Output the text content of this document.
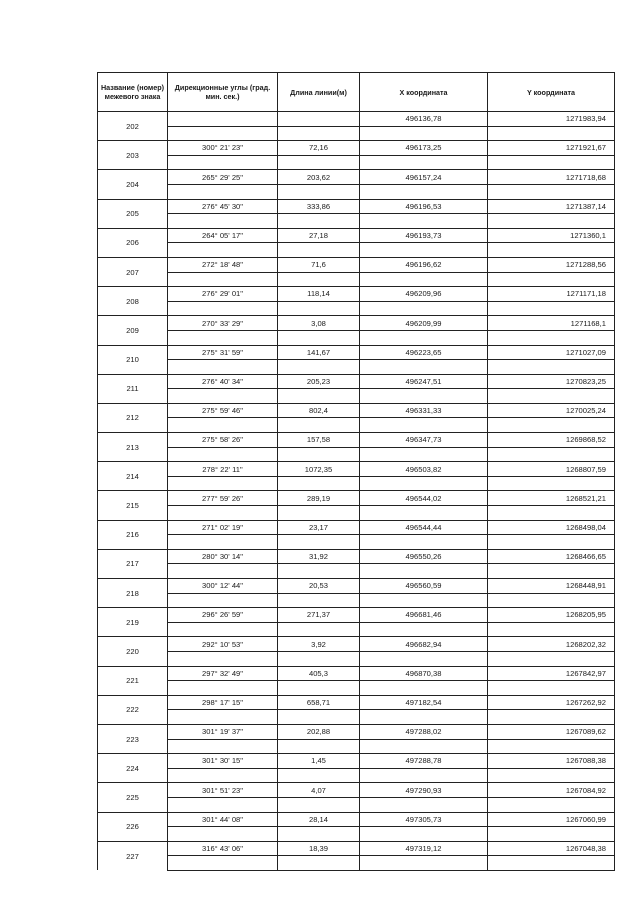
Название (номер) межевого знака	Дирекционные углы (град. мин. сек.)	Длина линии(м)	X координата	Y координата
202			496136,78	1271983,94

203	300° 21' 23"	72,16	496173,25	1271921,67

204	265° 29' 25"	203,62	496157,24	1271718,68

205	276° 45' 30"	333,86	496196,53	1271387,14

206	264° 05' 17"	27,18	496193,73	1271360,1

207	272° 18' 48"	71,6	496196,62	1271288,56

208	276° 29' 01"	118,14	496209,96	1271171,18

209	270° 33' 29"	3,08	496209,99	1271168,1

210	275° 31' 59"	141,67	496223,65	1271027,09

211	276° 40' 34"	205,23	496247,51	1270823,25

212	275° 59' 46"	802,4	496331,33	1270025,24

213	275° 58' 26"	157,58	496347,73	1269868,52

214	278° 22' 11"	1072,35	496503,82	1268807,59

215	277° 59' 26"	289,19	496544,02	1268521,21

216	271° 02' 19"	23,17	496544,44	1268498,04

217	280° 30' 14"	31,92	496550,26	1268466,65

218	300° 12' 44"	20,53	496560,59	1268448,91

219	296° 26' 59"	271,37	496681,46	1268205,95

220	292° 10' 53"	3,92	496682,94	1268202,32

221	297° 32' 49"	405,3	496870,38	1267842,97

222	298° 17' 15"	658,71	497182,54	1267262,92

223	301° 19' 37"	202,88	497288,02	1267089,62

224	301° 30' 15"	1,45	497288,78	1267088,38

225	301° 51' 23"	4,07	497290,93	1267084,92

226	301° 44' 08"	28,14	497305,73	1267060,99

227	316° 43' 06"	18,39	497319,12	1267048,38
